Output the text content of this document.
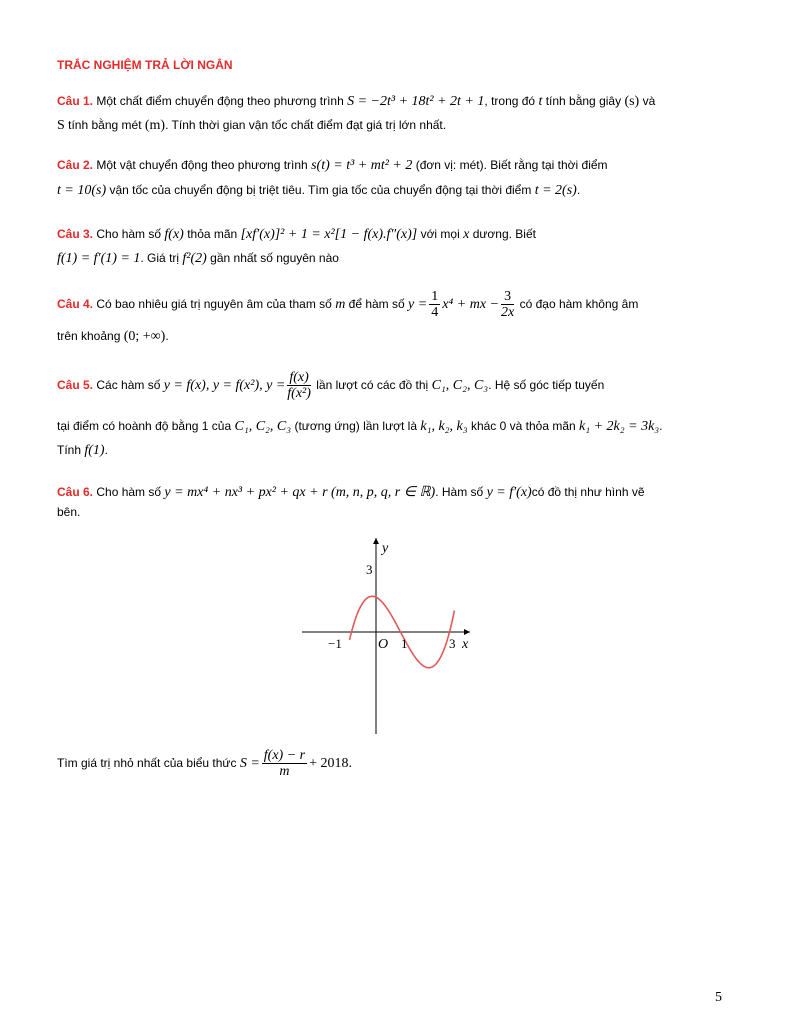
TRẮC NGHIỆM TRẢ LỜI NGẮN
Câu 1. Một chất điểm chuyển động theo phương trình S = −2t³ + 18t² + 2t + 1, trong đó t tính bằng giây (s) và
S tính bằng mét (m). Tính thời gian vận tốc chất điểm đạt giá trị lớn nhất.
Câu 2. Một vật chuyển động theo phương trình s(t) = t³ + mt² + 2 (đơn vị: mét). Biết rằng tại thời điểm
t = 10(s) vận tốc của chuyển động bị triệt tiêu. Tìm gia tốc của chuyển động tại thời điểm t = 2(s).
Câu 3. Cho hàm số f(x) thỏa mãn [xf′(x)]² + 1 = x²[1 − f(x).f″(x)] với mọi x dương. Biết
f(1) = f′(1) = 1. Giá trị f²(2) gần nhất số nguyên nào
Câu 4. Có bao nhiêu giá trị nguyên âm của tham số m để hàm số $y = \frac{1}{4} x^4$ + mx − $\frac{3}{2x}$ có đạo hàm không âm
trên khoảng (0; +∞).
Câu 5. Các hàm số y = f(x), y = f(x²), $y = \frac{f(x)}{\text{f(x²)}}$ lần lượt có các đồ thị C₁, C₂, C₃. Hệ số góc tiếp tuyến
tại điểm có hoành độ bằng 1 của C₁, C₂, C₃ (tương ứng) lần lượt là k₁, k₂, k₃ khác 0 và thỏa mãn k₁ + 2k₂ = 3k₃.
Tính f(1).
Câu 6. Cho hàm số y = mx⁴ + nx³ + px² + qx + r (m, n, p, q, r ∈ ℝ). Hàm số y = f′(x)có đồ thị như hình vẽ
bên.
y
x
O
−1	1	3
3
Tìm giá trị nhỏ nhất của biểu thức $S = \frac{f(x) - r}{m} + 2018$.
5
